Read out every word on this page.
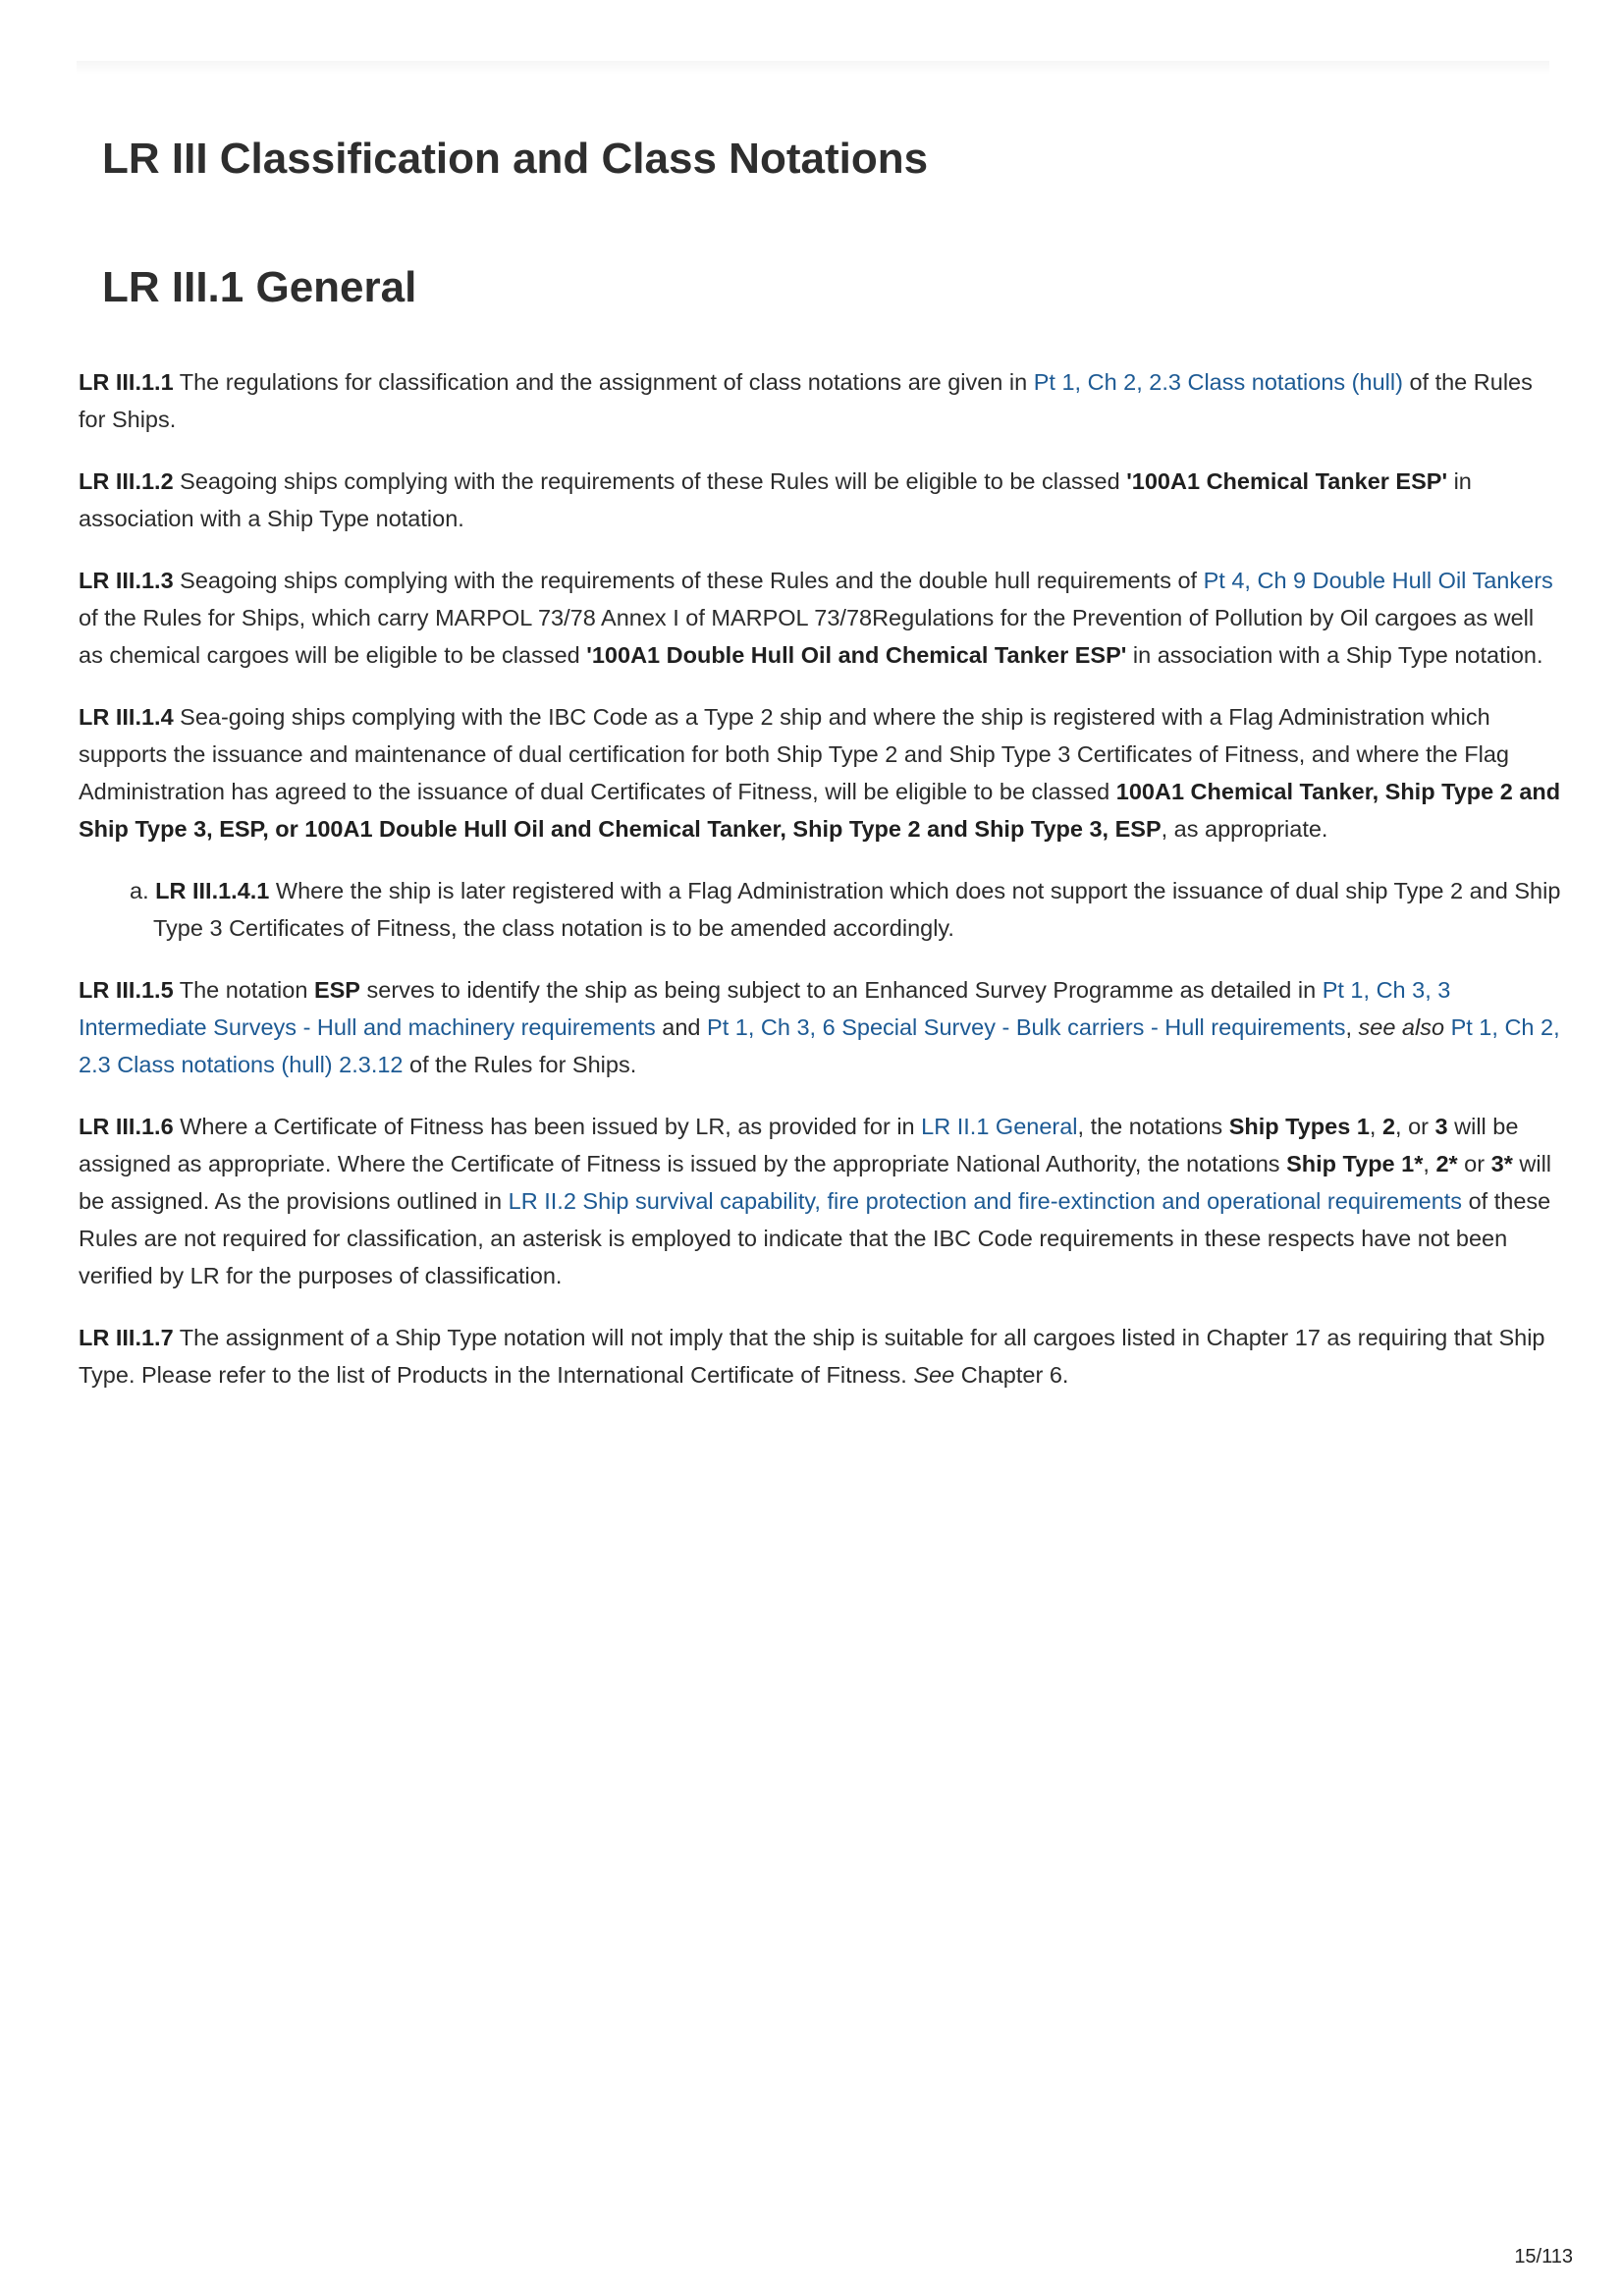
LR III Classification and Class Notations
LR III.1 General

LR III.1.1 The regulations for classification and the assignment of class notations are given in Pt 1, Ch 2, 2.3 Class notations (hull) of the Rules for Ships.

LR III.1.2 Seagoing ships complying with the requirements of these Rules will be eligible to be classed '100A1 Chemical Tanker ESP' in association with a Ship Type notation.

LR III.1.3 Seagoing ships complying with the requirements of these Rules and the double hull requirements of Pt 4, Ch 9 Double Hull Oil Tankers of the Rules for Ships, which carry MARPOL 73/78 Annex I of MARPOL 73/78Regulations for the Prevention of Pollution by Oil cargoes as well as chemical cargoes will be eligible to be classed '100A1 Double Hull Oil and Chemical Tanker ESP' in association with a Ship Type notation.

LR III.1.4 Sea-going ships complying with the IBC Code as a Type 2 ship and where the ship is registered with a Flag Administration which supports the issuance and maintenance of dual certification for both Ship Type 2 and Ship Type 3 Certificates of Fitness, and where the Flag Administration has agreed to the issuance of dual Certificates of Fitness, will be eligible to be classed 100A1 Chemical Tanker, Ship Type 2 and Ship Type 3, ESP, or 100A1 Double Hull Oil and Chemical Tanker, Ship Type 2 and Ship Type 3, ESP, as appropriate.

a. LR III.1.4.1 Where the ship is later registered with a Flag Administration which does not support the issuance of dual ship Type 2 and Ship Type 3 Certificates of Fitness, the class notation is to be amended accordingly.

LR III.1.5 The notation ESP serves to identify the ship as being subject to an Enhanced Survey Programme as detailed in Pt 1, Ch 3, 3 Intermediate Surveys - Hull and machinery requirements and Pt 1, Ch 3, 6 Special Survey - Bulk carriers - Hull requirements, see also Pt 1, Ch 2, 2.3 Class notations (hull) 2.3.12 of the Rules for Ships.

LR III.1.6 Where a Certificate of Fitness has been issued by LR, as provided for in LR II.1 General, the notations Ship Types 1, 2, or 3 will be assigned as appropriate. Where the Certificate of Fitness is issued by the appropriate National Authority, the notations Ship Type 1*, 2* or 3* will be assigned. As the provisions outlined in LR II.2 Ship survival capability, fire protection and fire-extinction and operational requirements of these Rules are not required for classification, an asterisk is employed to indicate that the IBC Code requirements in these respects have not been verified by LR for the purposes of classification.

LR III.1.7 The assignment of a Ship Type notation will not imply that the ship is suitable for all cargoes listed in Chapter 17 as requiring that Ship Type. Please refer to the list of Products in the International Certificate of Fitness. See Chapter 6.

15/113
